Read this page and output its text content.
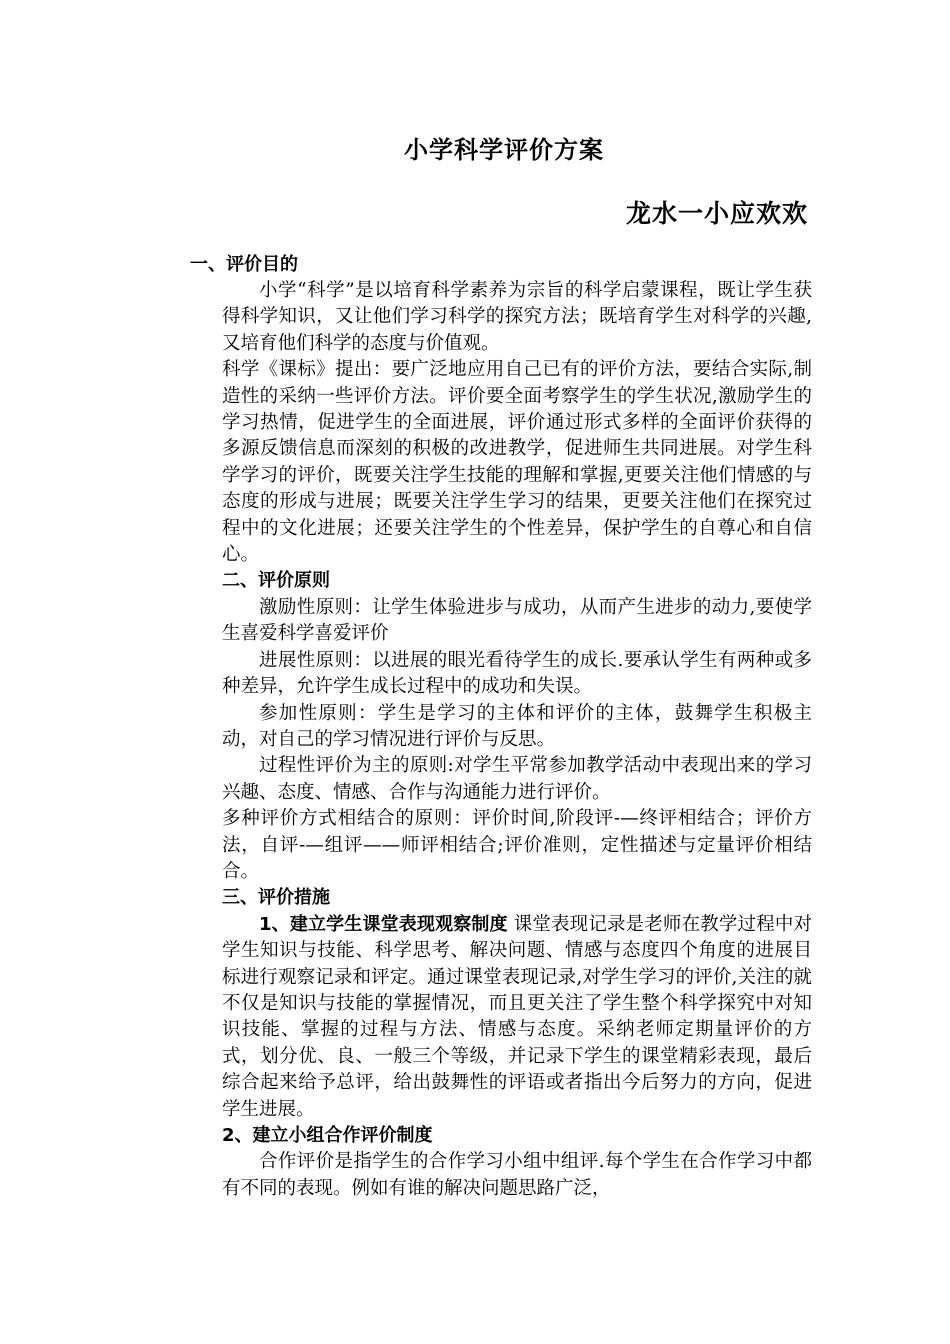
小学科学评价方案
龙水一小应欢欢
一、评价目的

小学“科学”是以培育科学素养为宗旨的科学启蒙课程，既让学生获得科学知识，又让他们学习科学的探究方法；既培育学生对科学的兴趣,又培育他们科学的态度与价值观。

科学《课标》提出：要广泛地应用自己已有的评价方法，要结合实际,制造性的采纳一些评价方法。评价要全面考察学生的学生状况,激励学生的学习热情，促进学生的全面进展，评价通过形式多样的全面评价获得的多源反馈信息而深刻的积极的改进教学，促进师生共同进展。对学生科学学习的评价，既要关注学生技能的理解和掌握,更要关注他们情感的与态度的形成与进展；既要关注学生学习的结果，更要关注他们在探究过程中的文化进展；还要关注学生的个性差异，保护学生的自尊心和自信心。

二、评价原则

激励性原则：让学生体验进步与成功，从而产生进步的动力,要使学生喜爱科学喜爱评价

进展性原则：以进展的眼光看待学生的成长.要承认学生有两种或多种差异，允许学生成长过程中的成功和失误。

参加性原则：学生是学习的主体和评价的主体，鼓舞学生积极主动，对自己的学习情况进行评价与反思。

过程性评价为主的原则:对学生平常参加教学活动中表现出来的学习兴趣、态度、情感、合作与沟通能力进行评价。

多种评价方式相结合的原则：评价时间,阶段评-—终评相结合；评价方法，自评-—组评——师评相结合;评价准则，定性描述与定量评价相结合。

三、评价措施

1、建立学生课堂表现观察制度 课堂表现记录是老师在教学过程中对学生知识与技能、科学思考、解决问题、情感与态度四个角度的进展目标进行观察记录和评定。通过课堂表现记录,对学生学习的评价,关注的就不仅是知识与技能的掌握情况，而且更关注了学生整个科学探究中对知识技能、掌握的过程与方法、情感与态度。采纳老师定期量评价的方式，划分优、良、一般三个等级，并记录下学生的课堂精彩表现，最后综合起来给予总评，给出鼓舞性的评语或者指出今后努力的方向，促进学生进展。

2、建立小组合作评价制度

合作评价是指学生的合作学习小组中组评.每个学生在合作学习中都有不同的表现。例如有谁的解决问题思路广泛，
